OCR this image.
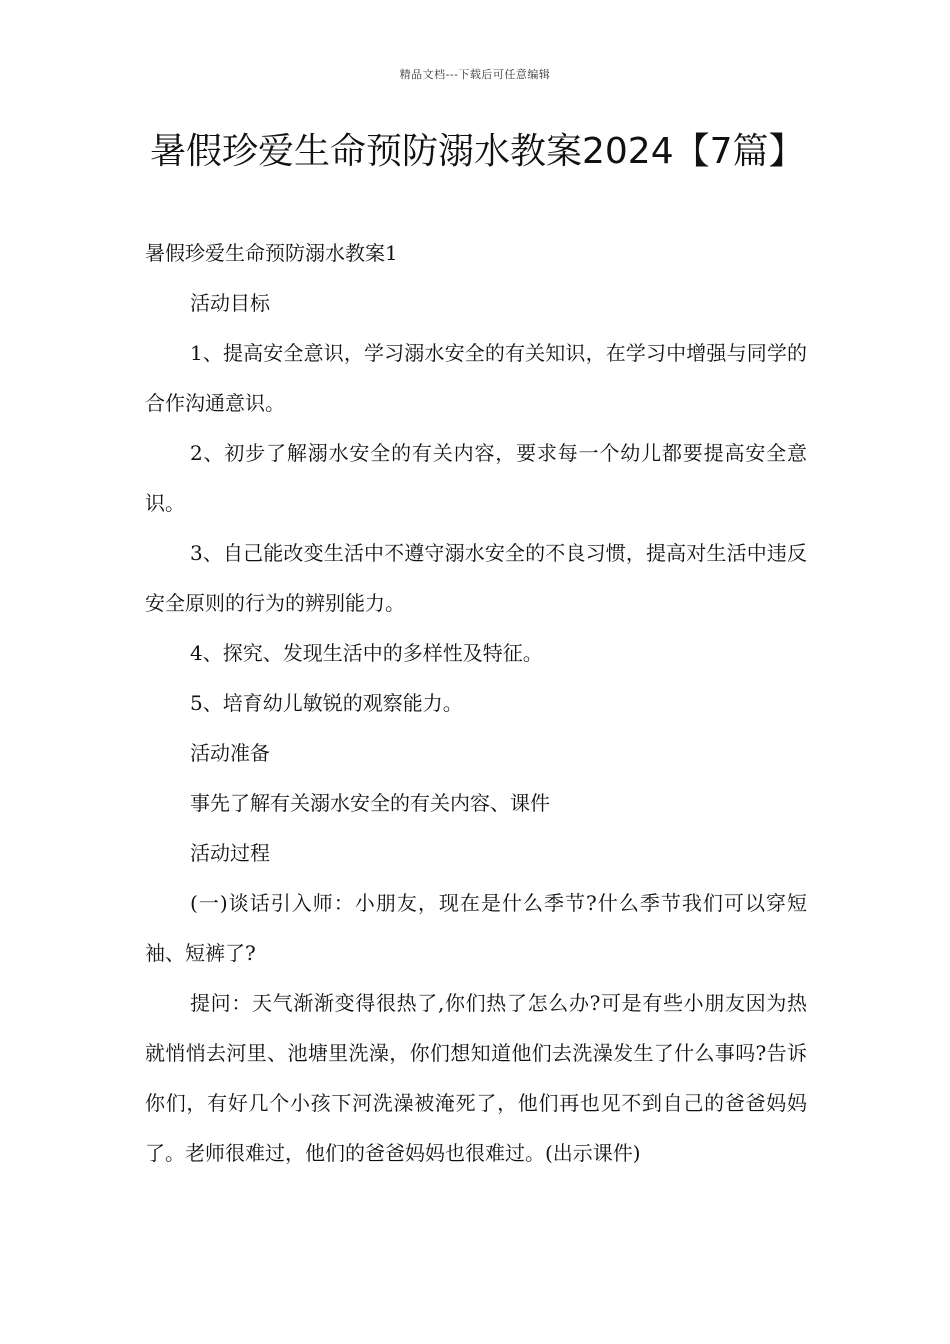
精品文档---下载后可任意编辑
暑假珍爱生命预防溺水教案2024【7篇】

暑假珍爱生命预防溺水教案1

活动目标

1、提高安全意识，学习溺水安全的有关知识，在学习中增强与同学的合作沟通意识。

2、初步了解溺水安全的有关内容，要求每一个幼儿都要提高安全意识。

3、自己能改变生活中不遵守溺水安全的不良习惯，提高对生活中违反安全原则的行为的辨别能力。

4、探究、发现生活中的多样性及特征。

5、培育幼儿敏锐的观察能力。

活动准备

事先了解有关溺水安全的有关内容、课件

活动过程

(一)谈话引入师：小朋友，现在是什么季节?什么季节我们可以穿短袖、短裤了?

提问：天气渐渐变得很热了,你们热了怎么办?可是有些小朋友因为热就悄悄去河里、池塘里洗澡，你们想知道他们去洗澡发生了什么事吗?告诉你们，有好几个小孩下河洗澡被淹死了，他们再也见不到自己的爸爸妈妈了。老师很难过，他们的爸爸妈妈也很难过。(出示课件)
